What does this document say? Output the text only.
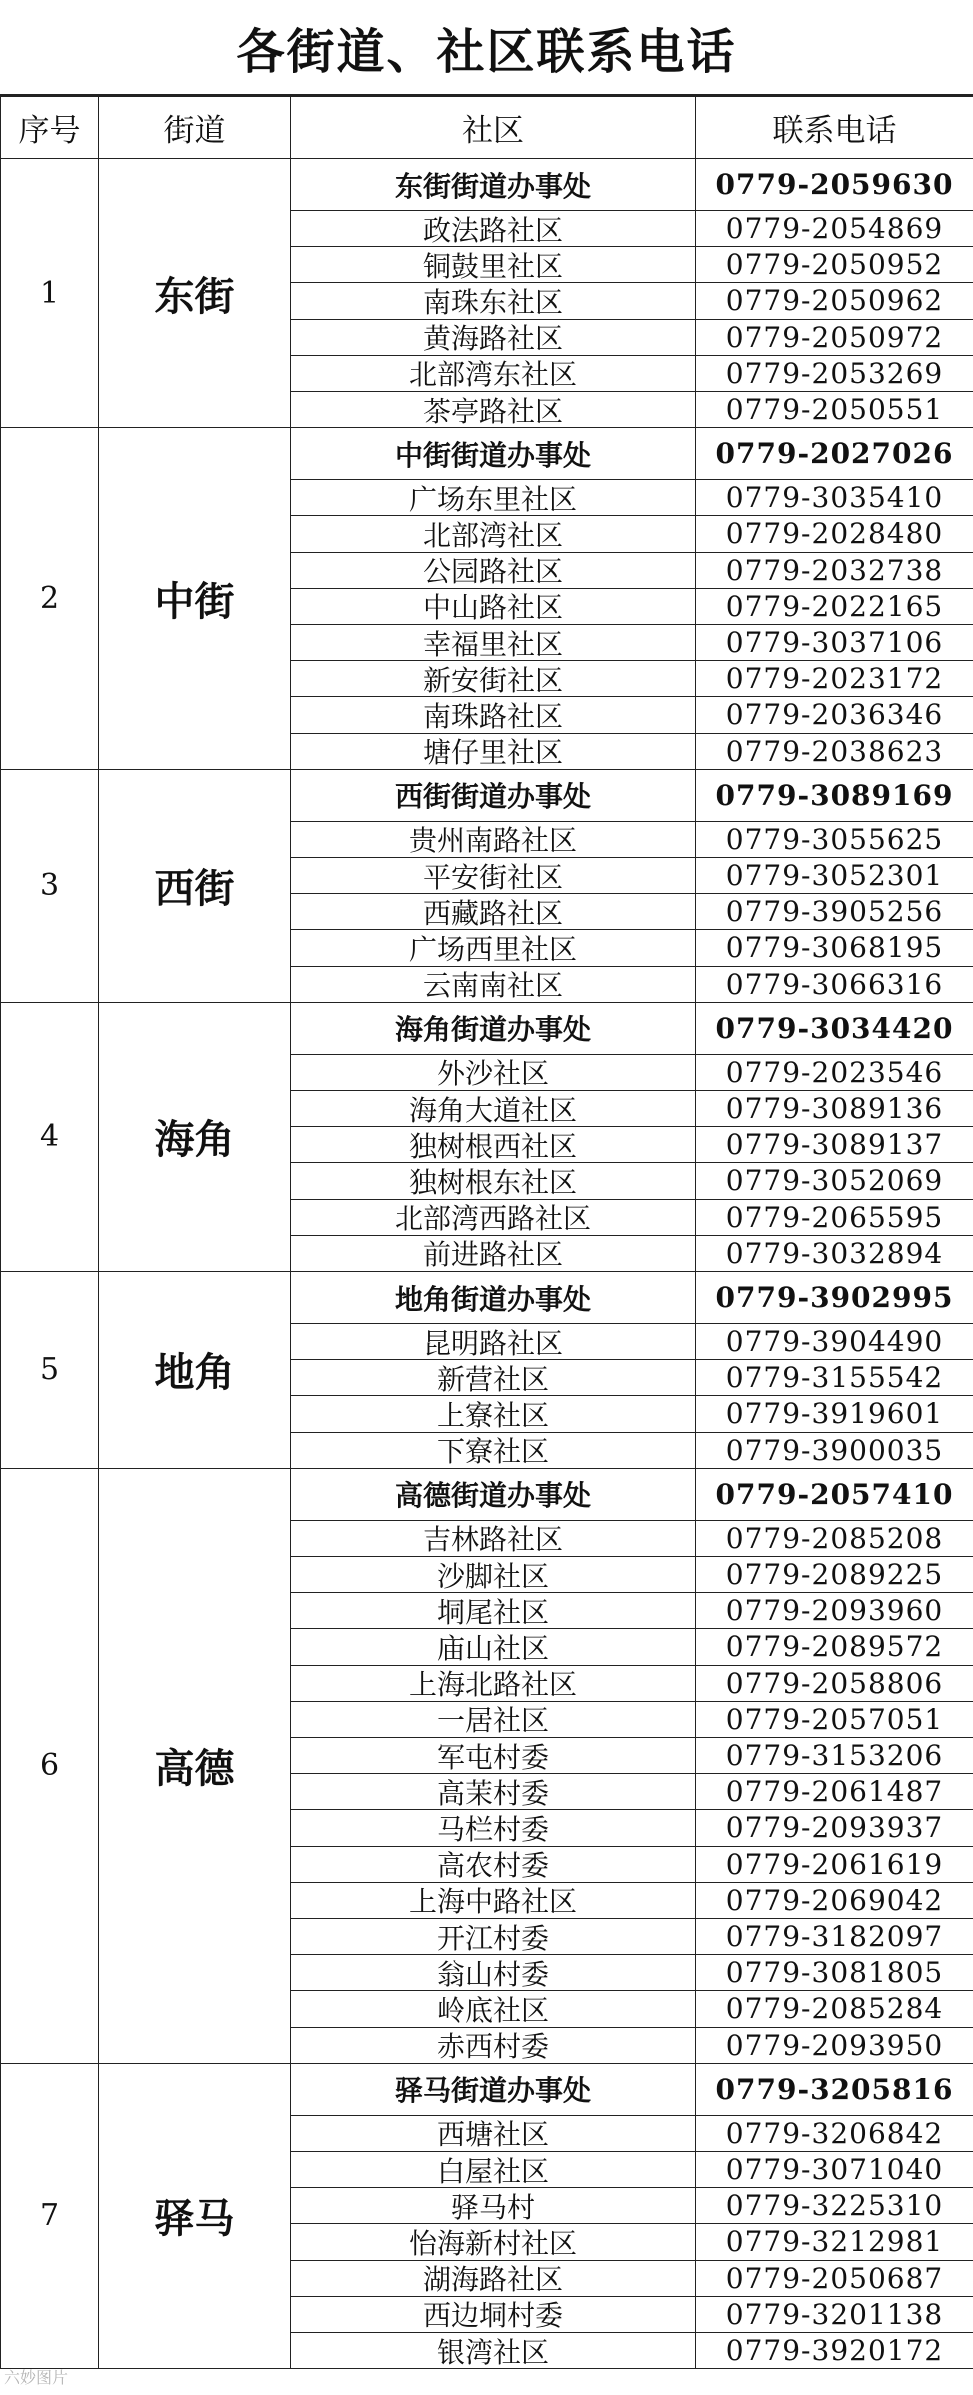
各街道、社区联系电话
序号	街道	社区	联系电话
1	东街
东街街道办事处	0779-2059630
政法路社区	0779-2054869
铜鼓里社区	0779-2050952
南珠东社区	0779-2050962
黄海路社区	0779-2050972
北部湾东社区	0779-2053269
茶亭路社区	0779-2050551
2	中街
中街街道办事处	0779-2027026
广场东里社区	0779-3035410
北部湾社区	0779-2028480
公园路社区	0779-2032738
中山路社区	0779-2022165
幸福里社区	0779-3037106
新安街社区	0779-2023172
南珠路社区	0779-2036346
塘仔里社区	0779-2038623
3	西街
西街街道办事处	0779-3089169
贵州南路社区	0779-3055625
平安街社区	0779-3052301
西藏路社区	0779-3905256
广场西里社区	0779-3068195
云南南社区	0779-3066316
4	海角
海角街道办事处	0779-3034420
外沙社区	0779-2023546
海角大道社区	0779-3089136
独树根西社区	0779-3089137
独树根东社区	0779-3052069
北部湾西路社区	0779-2065595
前进路社区	0779-3032894
5	地角
地角街道办事处	0779-3902995
昆明路社区	0779-3904490
新营社区	0779-3155542
上寮社区	0779-3919601
下寮社区	0779-3900035
6	高德
高德街道办事处	0779-2057410
吉林路社区	0779-2085208
沙脚社区	0779-2089225
垌尾社区	0779-2093960
庙山社区	0779-2089572
上海北路社区	0779-2058806
一居社区	0779-2057051
军屯村委	0779-3153206
高茉村委	0779-2061487
马栏村委	0779-2093937
高农村委	0779-2061619
上海中路社区	0779-2069042
开江村委	0779-3182097
翁山村委	0779-3081805
岭底社区	0779-2085284
赤西村委	0779-2093950
7	驿马
驿马街道办事处	0779-3205816
西塘社区	0779-3206842
白屋社区	0779-3071040
驿马村	0779-3225310
怡海新村社区	0779-3212981
湖海路社区	0779-2050687
西边垌村委	0779-3201138
银湾社区	0779-3920172
六妙图片
